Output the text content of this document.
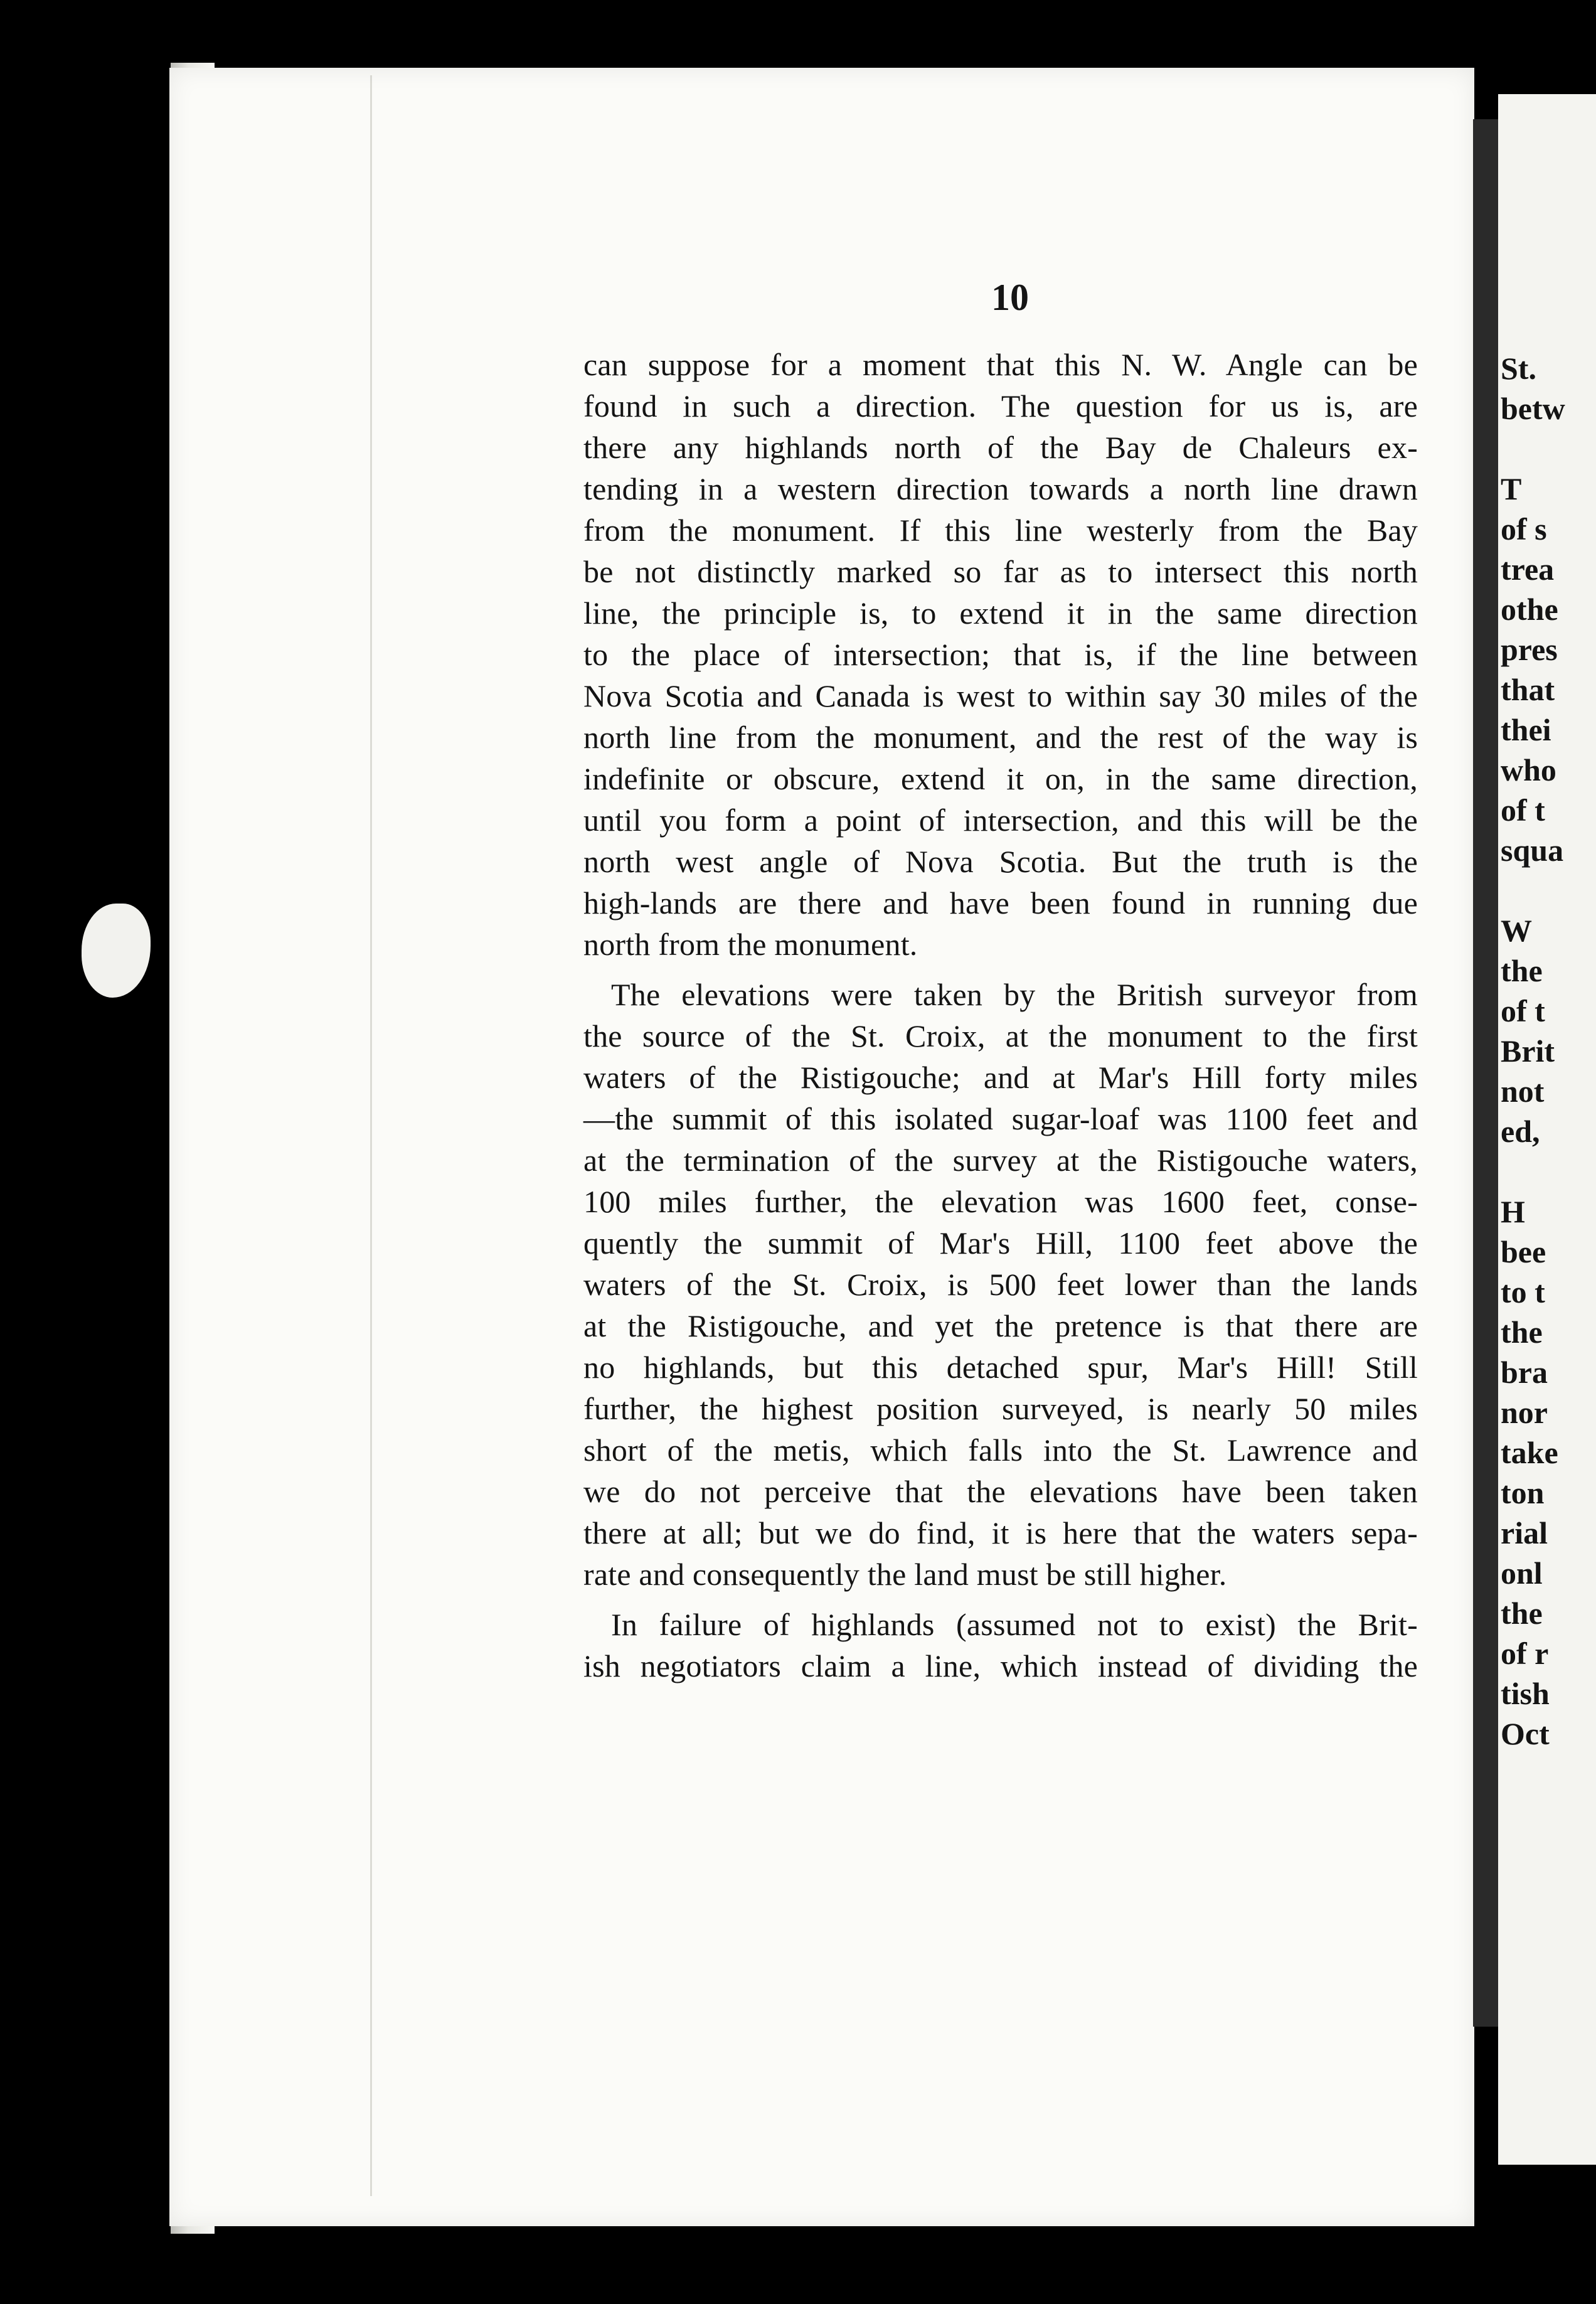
10
can suppose for a moment that this N. W. Angle can be
found in such a direction. The question for us is, are
there any highlands north of the Bay de Chaleurs ex-
tending in a western direction towards a north line drawn
from the monument. If this line westerly from the Bay
be not distinctly marked so far as to intersect this north
line, the principle is, to extend it in the same direction
to the place of intersection; that is, if the line between
Nova Scotia and Canada is west to within say 30 miles of the
north line from the monument, and the rest of the way is
indefinite or obscure, extend it on, in the same direction,
until you form a point of intersection, and this will be the
north west angle of Nova Scotia. But the truth is the
high-lands are there and have been found in running due
north from the monument.
The elevations were taken by the British surveyor from
the source of the St. Croix, at the monument to the first
waters of the Ristigouche; and at Mar's Hill forty miles
—the summit of this isolated sugar-loaf was 1100 feet and
at the termination of the survey at the Ristigouche waters,
100 miles further, the elevation was 1600 feet, conse-
quently the summit of Mar's Hill, 1100 feet above the
waters of the St. Croix, is 500 feet lower than the lands
at the Ristigouche, and yet the pretence is that there are
no highlands, but this detached spur, Mar's Hill! Still
further, the highest position surveyed, is nearly 50 miles
short of the metis, which falls into the St. Lawrence and
we do not perceive that the elevations have been taken
there at all; but we do find, it is here that the waters sepa-
rate and consequently the land must be still higher.
In failure of highlands (assumed not to exist) the Brit-
ish negotiators claim a line, which instead of dividing the
St.
betw
T
of s
trea
othe
pres
that
thei
who
of t
squa
W
the
of t
Brit
not
ed,
H
bee
to t
the
bra
nor
take
ton
rial
onl
the
of r
tish
Oct
